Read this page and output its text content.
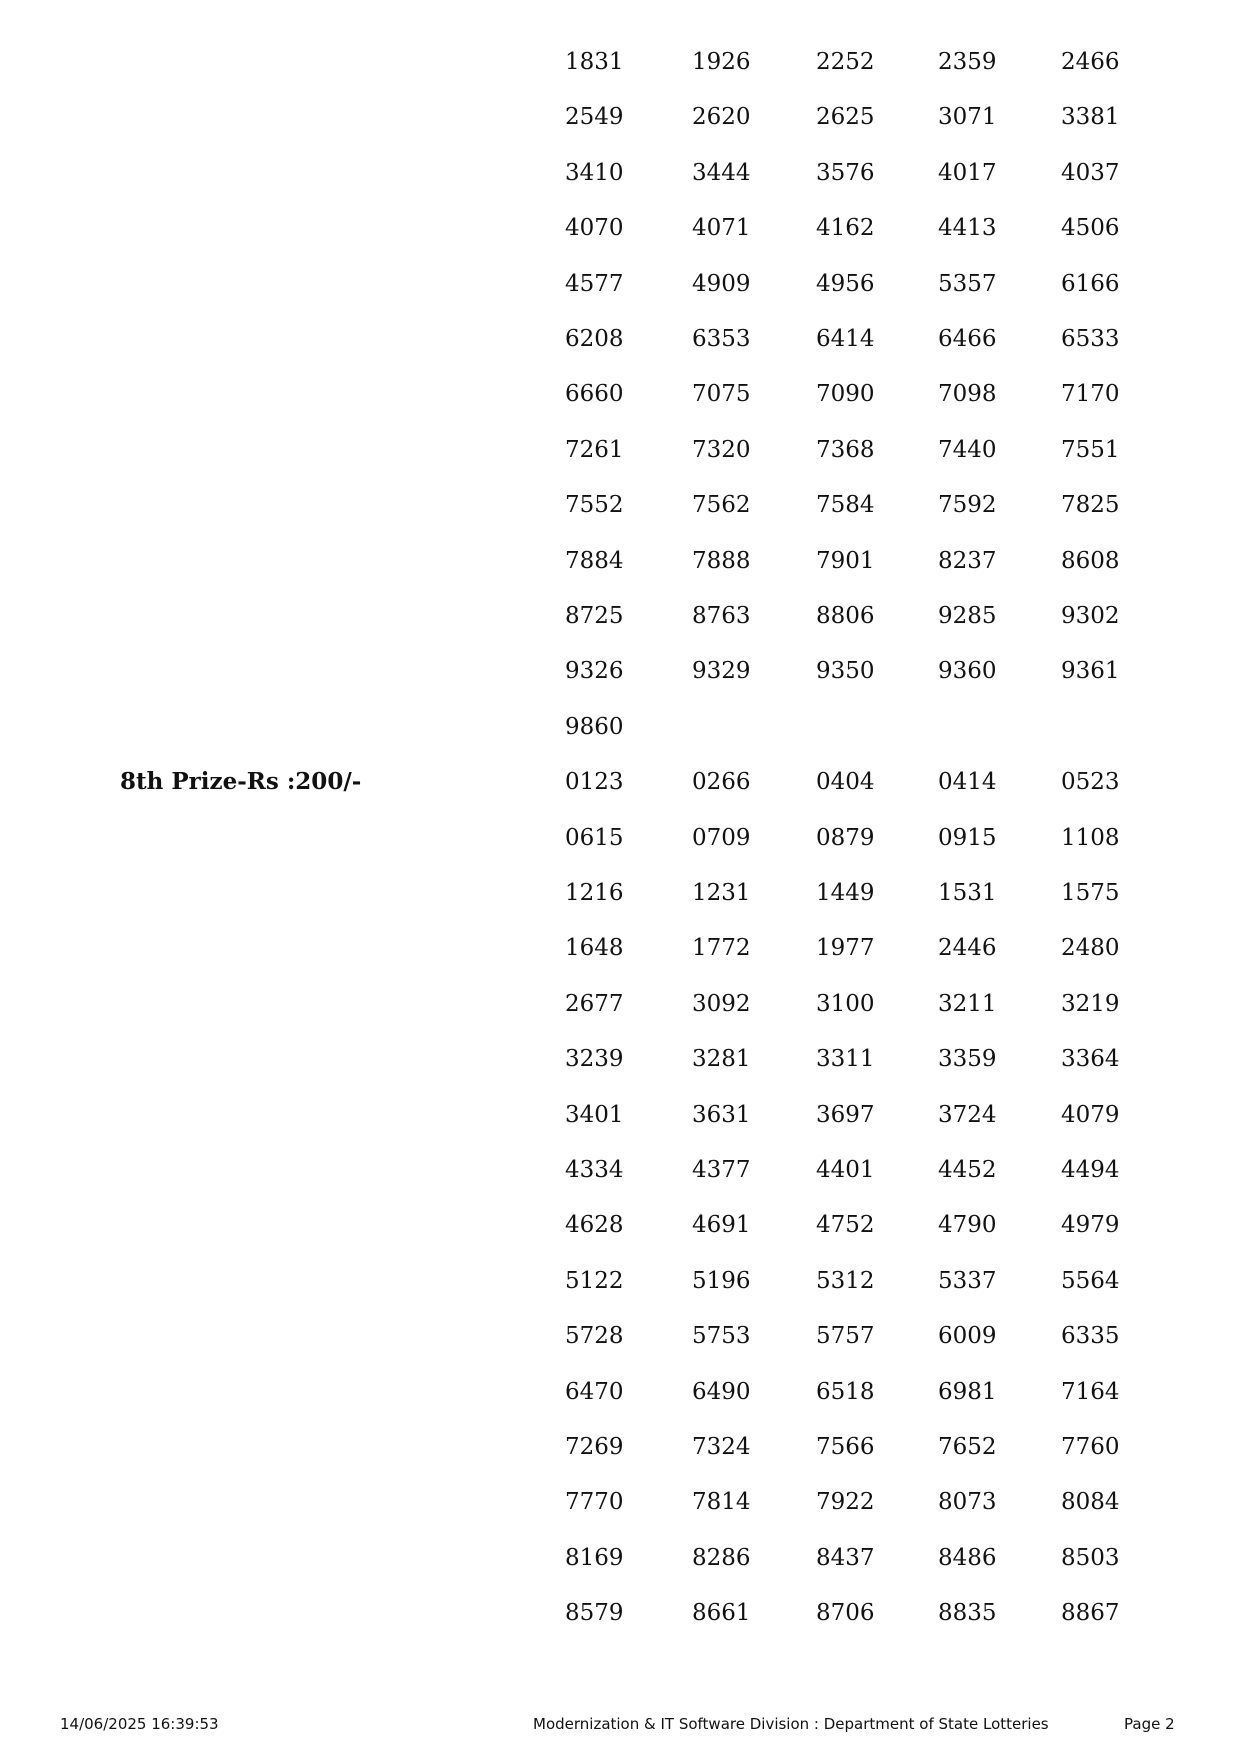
1831	1926	2252	2359	2466
2549	2620	2625	3071	3381
3410	3444	3576	4017	4037
4070	4071	4162	4413	4506
4577	4909	4956	5357	6166
6208	6353	6414	6466	6533
6660	7075	7090	7098	7170
7261	7320	7368	7440	7551
7552	7562	7584	7592	7825
7884	7888	7901	8237	8608
8725	8763	8806	9285	9302
9326	9329	9350	9360	9361
9860
8th Prize-Rs :200/-	0123	0266	0404	0414	0523
0615	0709	0879	0915	1108
1216	1231	1449	1531	1575
1648	1772	1977	2446	2480
2677	3092	3100	3211	3219
3239	3281	3311	3359	3364
3401	3631	3697	3724	4079
4334	4377	4401	4452	4494
4628	4691	4752	4790	4979
5122	5196	5312	5337	5564
5728	5753	5757	6009	6335
6470	6490	6518	6981	7164
7269	7324	7566	7652	7760
7770	7814	7922	8073	8084
8169	8286	8437	8486	8503
8579	8661	8706	8835	8867
14/06/2025 16:39:53	Modernization & IT Software Division : Department of State Lotteries	Page 2
